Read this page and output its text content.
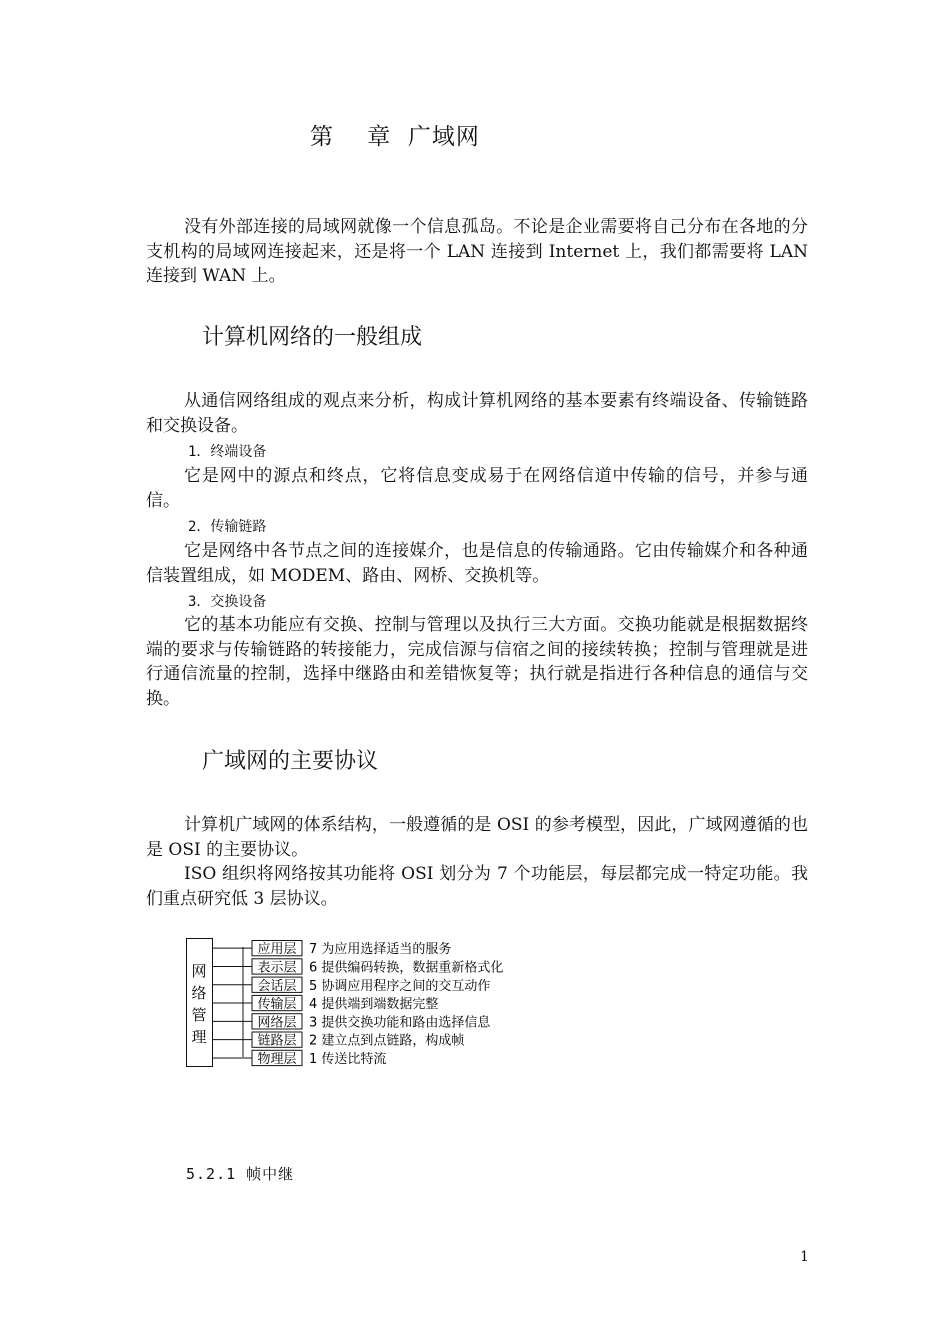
第    章  广域网

没有外部连接的局域网就像一个信息孤岛。不论是企业需要将自己分布在各地的分支机构的局域网连接起来，还是将一个 LAN 连接到 Internet 上，我们都需要将 LAN 连接到 WAN 上。

计算机网络的一般组成

从通信网络组成的观点来分析，构成计算机网络的基本要素有终端设备、传输链路和交换设备。

1．终端设备

它是网中的源点和终点，它将信息变成易于在网络信道中传输的信号，并参与通信。

2．传输链路

它是网络中各节点之间的连接媒介，也是信息的传输通路。它由传输媒介和各种通信装置组成，如 MODEM、路由、网桥、交换机等。

3．交换设备

它的基本功能应有交换、控制与管理以及执行三大方面。交换功能就是根据数据终端的要求与传输链路的转接能力，完成信源与信宿之间的接续转换；控制与管理就是进行通信流量的控制，选择中继路由和差错恢复等；执行就是指进行各种信息的通信与交换。

广域网的主要协议

计算机广域网的体系结构，一般遵循的是 OSI 的参考模型，因此，广域网遵循的也是 OSI 的主要协议。

ISO 组织将网络按其功能将 OSI 划分为 7 个功能层，每层都完成一特定功能。我们重点研究低 3 层协议。

网
络
管
理
应用层 7 为应用选择适当的服务
表示层 6 提供编码转换，数据重新格式化
会话层 5 协调应用程序之间的交互动作
传输层 4 提供端到端数据完整
网络层 3 提供交换功能和路由选择信息
链路层 2 建立点到点链路，构成帧
物理层 1 传送比特流
5.2.1 帧中继
1
